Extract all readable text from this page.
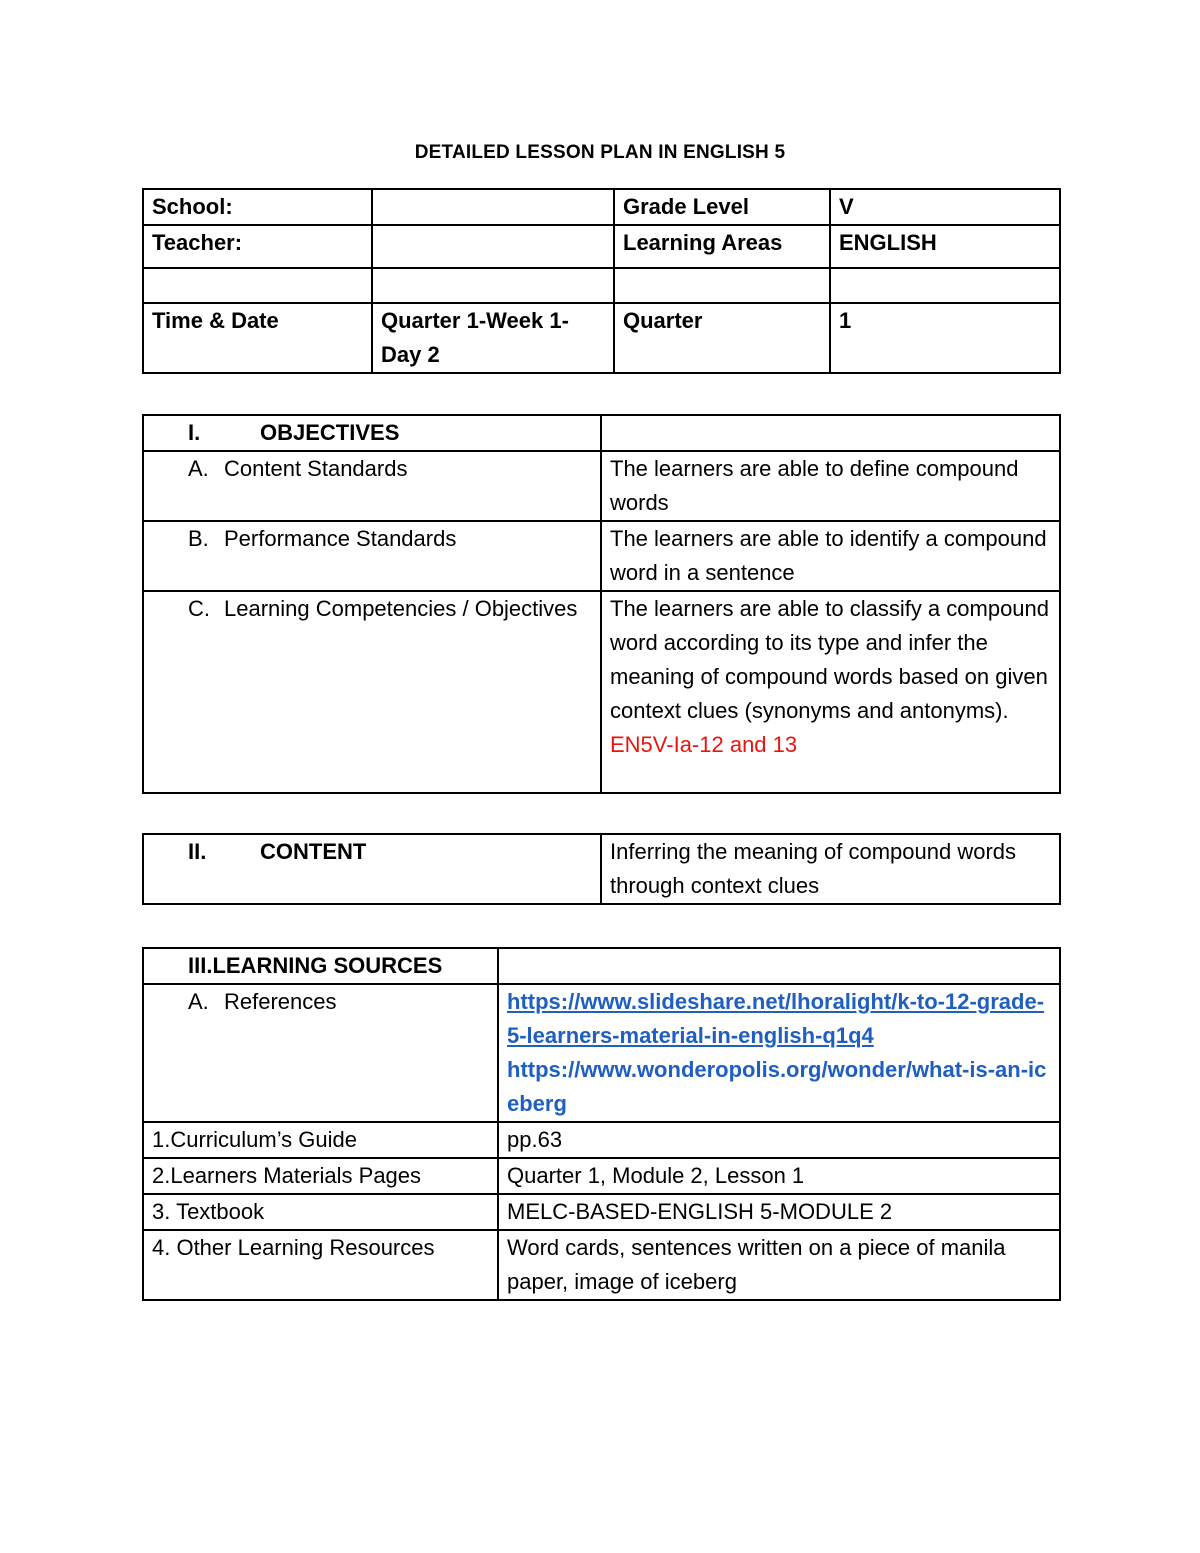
DETAILED LESSON PLAN IN ENGLISH 5
School:		Grade Level	V
Teacher:		Learning Areas	ENGLISH

Time & Date	Quarter 1-Week 1-Day 2	Quarter	1
I. OBJECTIVES	

A. Content Standards	The learners are able to define compound words

B. Performance Standards	The learners are able to identify a compound word in a sentence

C. Learning Competencies / Objectives	The learners are able to classify a compound word according to its type and infer the meaning of compound words based on given context clues (synonyms and antonyms).
EN5V-Ia-12 and 13
II.	CONTENT	Inferring the meaning of compound words through context clues
III.LEARNING SOURCES	

A. References	https://www.slideshare.net/lhoralight/k-to-12-grade-5-learners-material-in-english-q1q4
https://www.wonderopolis.org/wonder/what-is-an-iceberg

1.Curriculum’s Guide	pp.63
2.Learners Materials Pages	Quarter 1, Module 2, Lesson 1
3. Textbook	MELC-BASED-ENGLISH 5-MODULE 2
4. Other Learning Resources	Word cards, sentences written on a piece of manila paper, image of iceberg
